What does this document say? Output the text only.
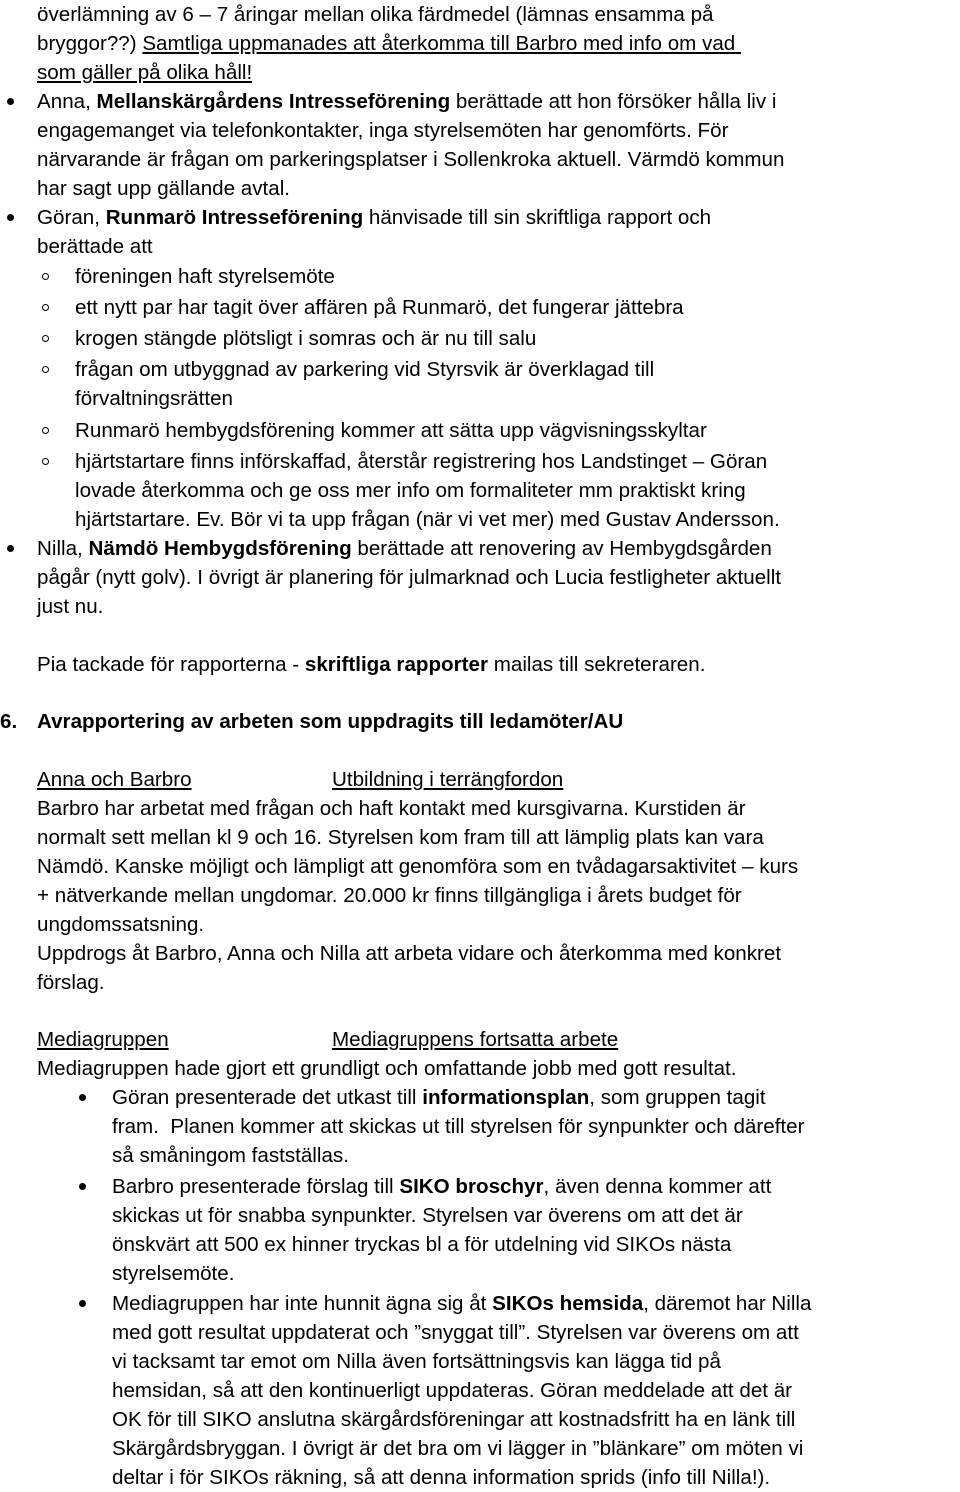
överlämning av 6 – 7 åringar mellan olika färdmedel (lämnas ensamma på
bryggor??) Samtliga uppmanades att återkomma till Barbro med info om vad
som gäller på olika håll!
Anna, Mellanskärgårdens Intresseförening berättade att hon försöker hålla liv i
engagemanget via telefonkontakter, inga styrelsemöten har genomförts. För
närvarande är frågan om parkeringsplatser i Sollenkroka aktuell. Värmdö kommun
har sagt upp gällande avtal.
Göran, Runmarö Intresseförening hänvisade till sin skriftliga rapport och
berättade att
föreningen haft styrelsemöte
ett nytt par har tagit över affären på Runmarö, det fungerar jättebra
krogen stängde plötsligt i somras och är nu till salu
frågan om utbyggnad av parkering vid Styrsvik är överklagad till
förvaltningsrätten
Runmarö hembygdsförening kommer att sätta upp vägvisningsskyltar
hjärtstartare finns införskaffad, återstår registrering hos Landstinget – Göran
lovade återkomma och ge oss mer info om formaliteter mm praktiskt kring
hjärtstartare. Ev. Bör vi ta upp frågan (när vi vet mer) med Gustav Andersson.
Nilla, Nämdö Hembygdsförening berättade att renovering av Hembygdsgården
pågår (nytt golv). I övrigt är planering för julmarknad och Lucia festligheter aktuellt
just nu.
Pia tackade för rapporterna - skriftliga rapporter mailas till sekreteraren.
6. Avrapportering av arbeten som uppdragits till ledamöter/AU
Anna och Barbro	Utbildning i terrängfordon
Barbro har arbetat med frågan och haft kontakt med kursgivarna. Kurstiden är
normalt sett mellan kl 9 och 16. Styrelsen kom fram till att lämplig plats kan vara
Nämdö. Kanske möjligt och lämpligt att genomföra som en tvådagarsaktivitet – kurs
+ nätverkande mellan ungdomar. 20.000 kr finns tillgängliga i årets budget för
ungdomssatsning.
Uppdrogs åt Barbro, Anna och Nilla att arbeta vidare och återkomma med konkret
förslag.
Mediagruppen	Mediagruppens fortsatta arbete
Mediagruppen hade gjort ett grundligt och omfattande jobb med gott resultat.
Göran presenterade det utkast till informationsplan, som gruppen tagit
fram.  Planen kommer att skickas ut till styrelsen för synpunkter och därefter
så småningom fastställas.
Barbro presenterade förslag till SIKO broschyr, även denna kommer att
skickas ut för snabba synpunkter. Styrelsen var överens om att det är
önskvärt att 500 ex hinner tryckas bl a för utdelning vid SIKOs nästa
styrelsemöte.
Mediagruppen har inte hunnit ägna sig åt SIKOs hemsida, däremot har Nilla
med gott resultat uppdaterat och ”snyggat till”. Styrelsen var överens om att
vi tacksamt tar emot om Nilla även fortsättningsvis kan lägga tid på
hemsidan, så att den kontinuerligt uppdateras. Göran meddelade att det är
OK för till SIKO anslutna skärgårdsföreningar att kostnadsfritt ha en länk till
Skärgårdsbryggan. I övrigt är det bra om vi lägger in ”blänkare” om möten vi
deltar i för SIKOs räkning, så att denna information sprids (info till Nilla!).
